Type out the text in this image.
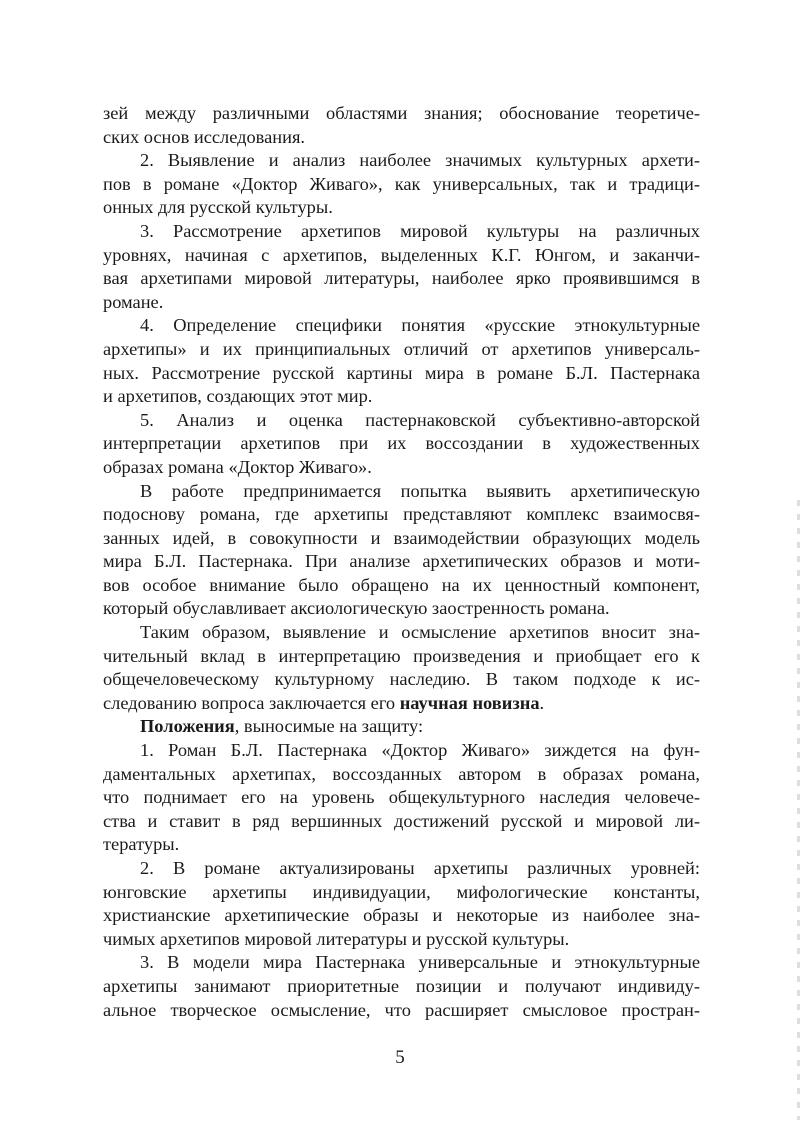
зей между различными областями знания; обоснование теоретиче-
ских основ исследования.

2. Выявление и анализ наиболее значимых культурных архети-
пов в романе «Доктор Живаго», как универсальных, так и традици-
онных для русской культуры.

3. Рассмотрение архетипов мировой культуры на различных
уровнях, начиная с архетипов, выделенных К.Г. Юнгом, и заканчи-
вая архетипами мировой литературы, наиболее ярко проявившимся в
романе.

4. Определение специфики понятия «русские этнокультурные
архетипы» и их принципиальных отличий от архетипов универсаль-
ных. Рассмотрение русской картины мира в романе Б.Л. Пастернака
и архетипов, создающих этот мир.

5. Анализ и оценка пастернаковской субъективно-авторской
интерпретации архетипов при их воссоздании в художественных
образах романа «Доктор Живаго».

В работе предпринимается попытка выявить архетипическую
подоснову романа, где архетипы представляют комплекс взаимосвя-
занных идей, в совокупности и взаимодействии образующих модель
мира Б.Л. Пастернака. При анализе архетипических образов и моти-
вов особое внимание было обращено на их ценностный компонент,
который обуславливает аксиологическую заостренность романа.

Таким образом, выявление и осмысление архетипов вносит зна-
чительный вклад в интерпретацию произведения и приобщает его к
общечеловеческому культурному наследию. В таком подходе к ис-
следованию вопроса заключается его научная новизна.

Положения, выносимые на защиту:

1. Роман Б.Л. Пастернака «Доктор Живаго» зиждется на фун-
даментальных архетипах, воссозданных автором в образах романа,
что поднимает его на уровень общекультурного наследия человече-
ства и ставит в ряд вершинных достижений русской и мировой ли-
тературы.

2. В романе актуализированы архетипы различных уровней:
юнговские архетипы индивидуации, мифологические константы,
христианские архетипические образы и некоторые из наиболее зна-
чимых архетипов мировой литературы и русской культуры.

3. В модели мира Пастернака универсальные и этнокультурные
архетипы занимают приоритетные позиции и получают индивиду-
альное творческое осмысление, что расширяет смысловое простран-

5
